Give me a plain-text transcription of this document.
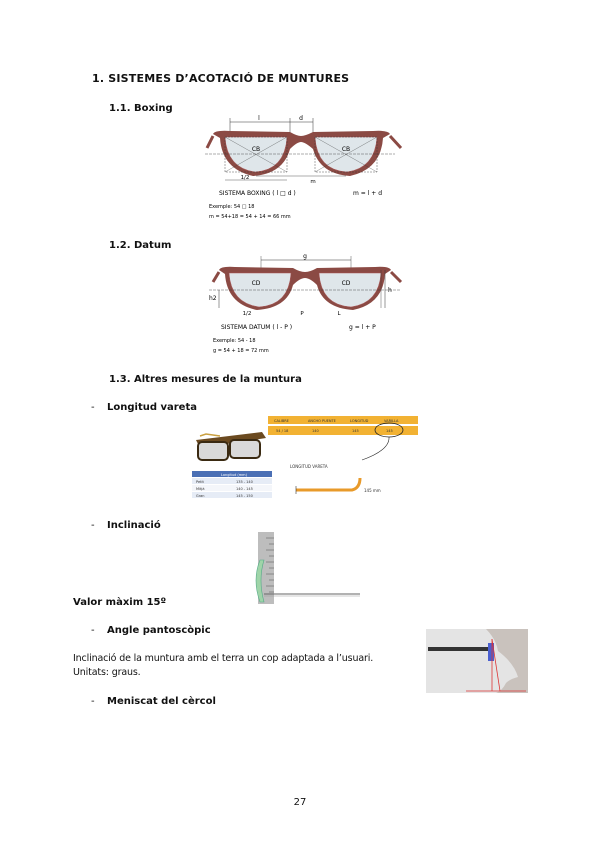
1. SISTEMES D’ACOTACIÓ DE MUNTURES
1.1. Boxing
l	d
CB	CB
1/2
m
SISTEMA BOXING ( l □ d )	m = l + d
Exemple: 54 □ 18
m = 54+18 = 54 + 14 = 66 mm
1.2. Datum
g
CD	CD
h2
h
1/2	P	L
SISTEMA DATUM ( l - P )	g = l + P
Exemple: 54 - 18
g = 54 + 18 = 72 mm
1.3. Altres mesures de la muntura
- Longitud vareta
CALIBRE	ANCHO PUENTE	LONGITUD	VARILLA
54 / 18	140	145	145
Longitud (mm)
Petit	135 - 140
Mitjà	140 - 145
Gran	145 - 150
LONGITUD VARETA
145 mm
- Inclinació
Valor màxim 15º
- Angle pantoscòpic
Inclinació de la muntura amb el terra un cop adaptada a l’usuari.
Unitats: graus.
- Meniscat del cèrcol
27
